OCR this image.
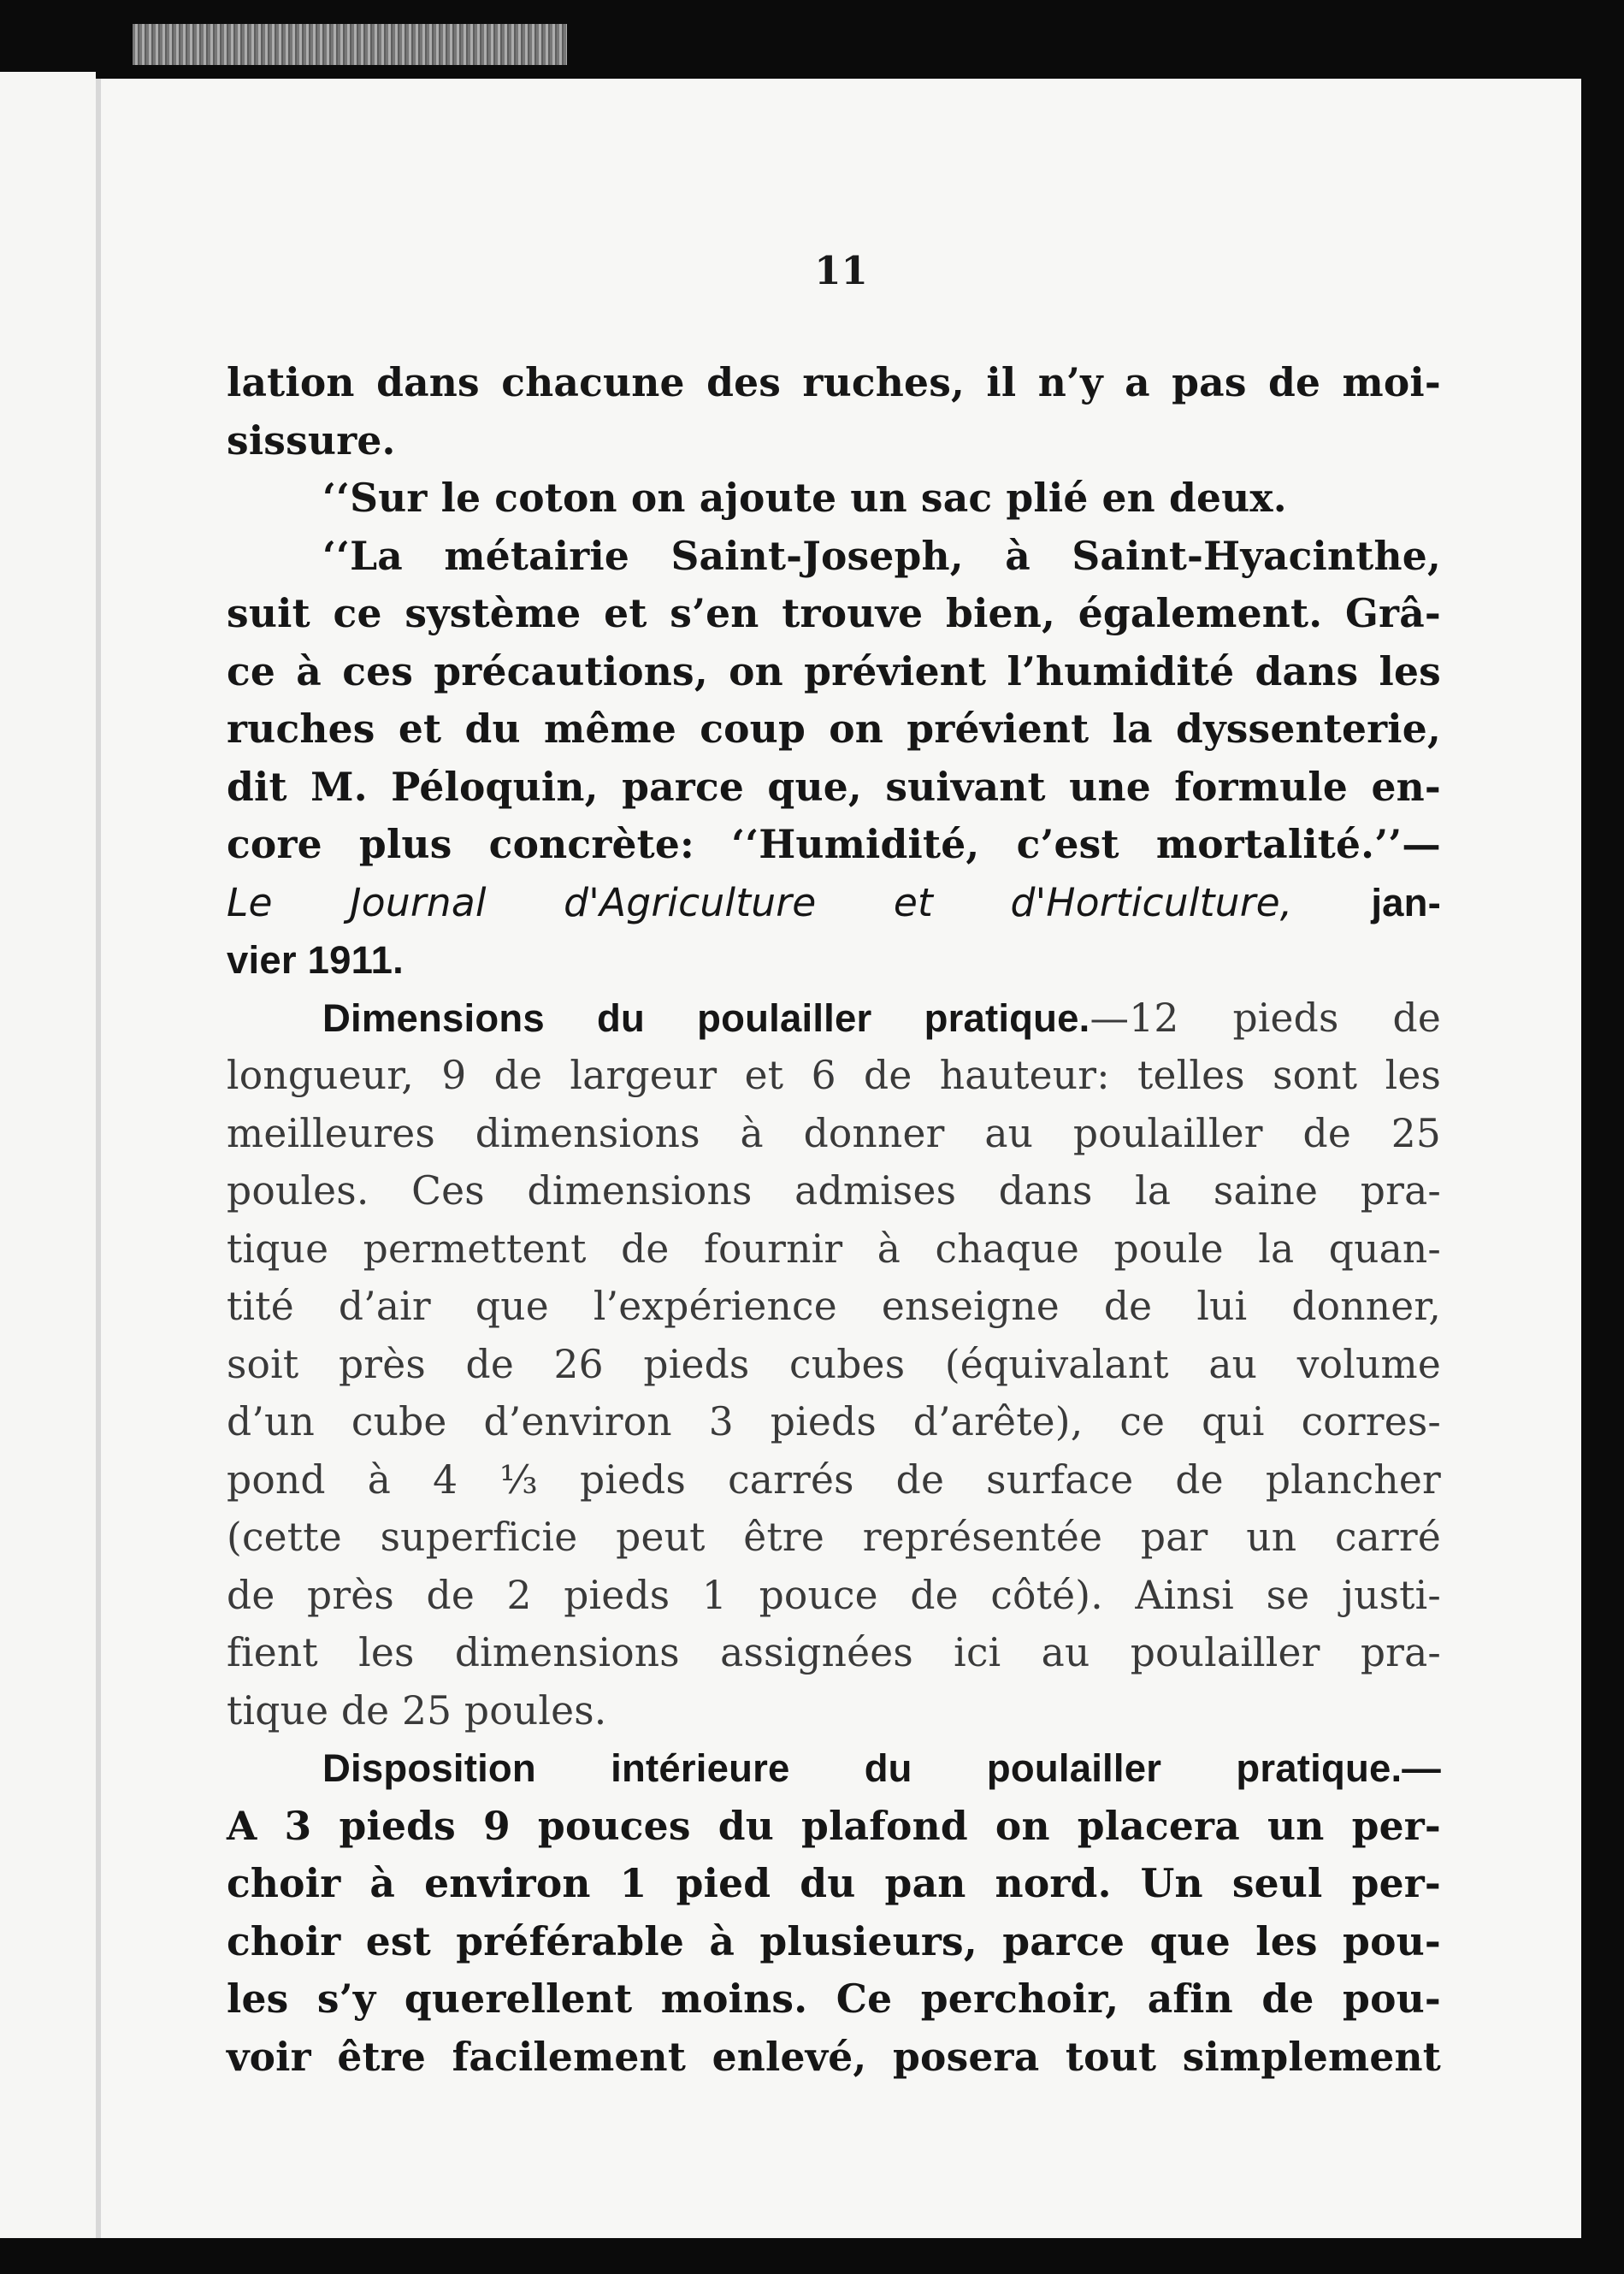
11
lation dans chacune des ruches, il n’y a pas de moi-
sissure.
‘‘Sur le coton on ajoute un sac plié en deux.
‘‘La métairie Saint-Joseph, à Saint-Hyacinthe,
suit ce système et s’en trouve bien, également. Grâ-
ce à ces précautions, on prévient l’humidité dans les
ruches et du même coup on prévient la dyssenterie,
dit M. Péloquin, parce que, suivant une formule en-
core plus concrète: ‘‘Humidité, c’est mortalité.’’—
Le Journal d'Agriculture et d'Horticulture, jan-
vier 1911.
Dimensions du poulailler pratique.—12 pieds de
longueur, 9 de largeur et 6 de hauteur: telles sont les
meilleures dimensions à donner au poulailler de 25
poules. Ces dimensions admises dans la saine pra-
tique permettent de fournir à chaque poule la quan-
tité d’air que l’expérience enseigne de lui donner,
soit près de 26 pieds cubes (équivalant au volume
d’un cube d’environ 3 pieds d’arête), ce qui corres-
pond à 4 ¹⁄₃ pieds carrés de surface de plancher
(cette superficie peut être représentée par un carré
de près de 2 pieds 1 pouce de côté). Ainsi se justi-
fient les dimensions assignées ici au poulailler pra-
tique de 25 poules.
Disposition intérieure du poulailler pratique.—
A 3 pieds 9 pouces du plafond on placera un per-
choir à environ 1 pied du pan nord. Un seul per-
choir est préférable à plusieurs, parce que les pou-
les s’y querellent moins. Ce perchoir, afin de pou-
voir être facilement enlevé, posera tout simplement
